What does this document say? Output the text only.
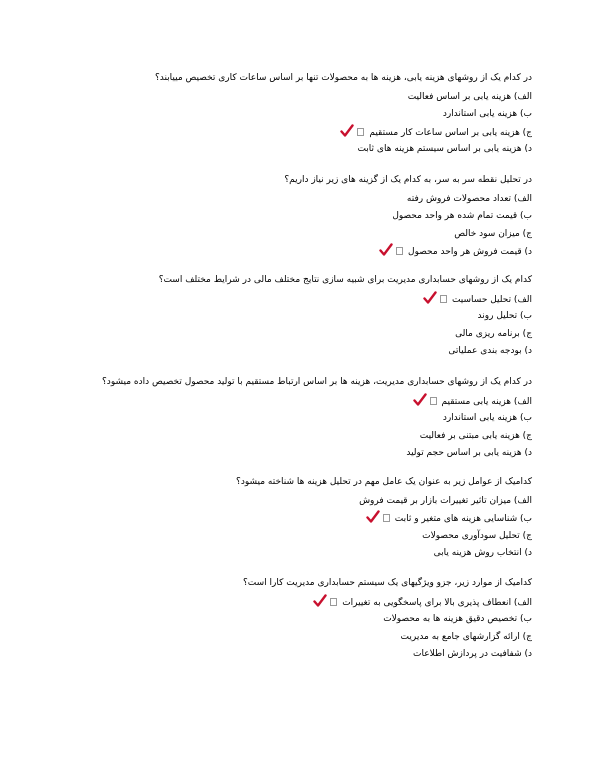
در کدام یک از روشهای هزینه یابی، هزینه ها به محصولات تنها بر اساس ساعات کاری تخصیص مییابند؟
الف) هزینه یابی بر اساس فعالیت
ب) هزینه یابی استاندارد
ج) هزینه یابی بر اساس ساعات کار مستقیم
د) هزینه یابی بر اساس سیستم هزینه های ثابت
در تحلیل نقطه سر به سر، به کدام یک از گزینه های زیر نیاز داریم؟
الف) تعداد محصولات فروش رفته
ب) قیمت تمام شده هر واحد محصول
ج) میزان سود خالص
د) قیمت فروش هر واحد محصول
کدام یک از روشهای حسابداری مدیریت برای شبیه سازی نتایج مختلف مالی در شرایط مختلف است؟
الف) تحلیل حساسیت
ب) تحلیل روند
ج) برنامه ریزی مالی
د) بودجه بندی عملیاتی
در کدام یک از روشهای حسابداری مدیریت، هزینه ها بر اساس ارتباط مستقیم با تولید محصول تخصیص داده میشود؟
الف) هزینه یابی مستقیم
ب) هزینه یابی استاندارد
ج) هزینه یابی مبتنی بر فعالیت
د) هزینه یابی بر اساس حجم تولید
کدامیک از عوامل زیر به عنوان یک عامل مهم در تحلیل هزینه ها شناخته میشود؟
الف) میزان تاثیر تغییرات بازار بر قیمت فروش
ب) شناسایی هزینه های متغیر و ثابت
ج) تحلیل سودآوری محصولات
د) انتخاب روش هزینه یابی
کدامیک از موارد زیر، جزو ویژگیهای یک سیستم حسابداری مدیریت کارا است؟
الف) انعطاف پذیری بالا برای پاسخگویی به تغییرات
ب) تخصیص دقیق هزینه ها به محصولات
ج) ارائه گزارشهای جامع به مدیریت
د) شفافیت در پردازش اطلاعات
